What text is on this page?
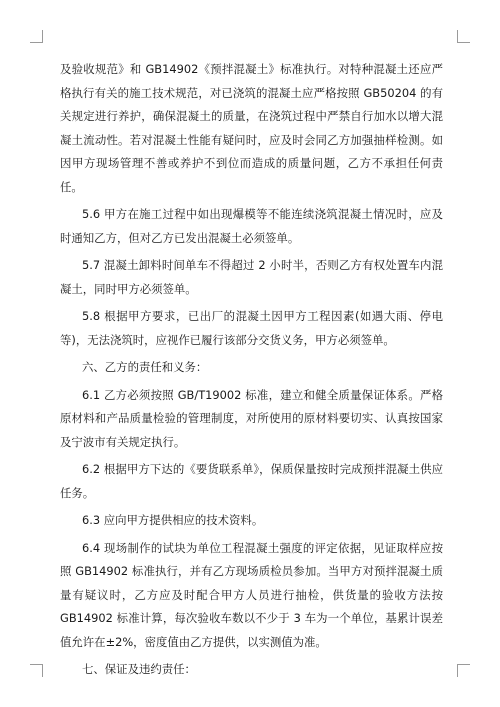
及验收规范》和 GB14902《预拌混凝土》标准执行。对特种混凝土还应严格执行有关的施工技术规范，对已浇筑的混凝土应严格按照 GB50204 的有关规定进行养护，确保混凝土的质量，在浇筑过程中严禁自行加水以增大混凝土流动性。若对混凝土性能有疑问时，应及时会同乙方加强抽样检测。如因甲方现场管理不善或养护不到位而造成的质量问题，乙方不承担任何责任。

5.6 甲方在施工过程中如出现爆模等不能连续浇筑混凝土情况时，应及时通知乙方，但对乙方已发出混凝土必须签单。

5.7 混凝土卸料时间单车不得超过 2 小时半，否则乙方有权处置车内混凝土，同时甲方必须签单。

5.8 根据甲方要求，已出厂的混凝土因甲方工程因素(如遇大雨、停电等)，无法浇筑时，应视作已履行该部分交货义务，甲方必须签单。

六、乙方的责任和义务：

6.1 乙方必须按照 GB/T19002 标准，建立和健全质量保证体系。严格原材料和产品质量检验的管理制度，对所使用的原材料要切实、认真按国家及宁波市有关规定执行。

6.2 根据甲方下达的《要货联系单》，保质保量按时完成预拌混凝土供应任务。

6.3 应向甲方提供相应的技术资料。

6.4 现场制作的试块为单位工程混凝土强度的评定依据，见证取样应按照 GB14902 标准执行，并有乙方现场质检员参加。当甲方对预拌混凝土质量有疑议时，乙方应及时配合甲方人员进行抽检，供货量的验收方法按 GB14902 标准计算，每次验收车数以不少于 3 车为一个单位，基累计误差值允许在±2%，密度值由乙方提供，以实测值为准。

七、保证及违约责任：
